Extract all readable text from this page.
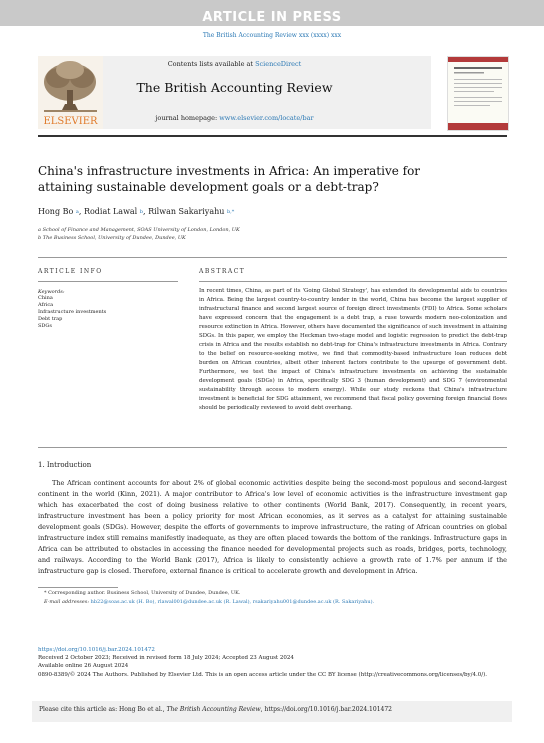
ARTICLE IN PRESS
The British Accounting Review xxx (xxxx) xxx
Contents lists available at ScienceDirect
The British Accounting Review
journal homepage: www.elsevier.com/locate/bar
ELSEVIER
China's infrastructure investments in Africa: An imperative for attaining sustainable development goals or a debt-trap?
Hong Bo $^a$, Rodiat Lawal $^b$, Rilwan Sakariyahu $^{b,*}$
a School of Finance and Management, SOAS University of London, London, UK
b The Business School, University of Dundee, Dundee, UK
ARTICLE INFO
Keywords:
China
Africa
Infrastructure investments
Debt trap
SDGs
ABSTRACT
In recent times, China, as part of its 'Going Global Strategy', has extended its developmental aids to countries in Africa. Being the largest country-to-country lender in the world, China has become the largest supplier of infrastructural finance and second largest source of foreign direct investments (FDI) to Africa. Some scholars have expressed concern that the engagement is a debt trap, a ruse towards modern neo-colonization and resource extinction in Africa. However, others have documented the significance of such investment in attaining SDGs. In this paper, we employ the Heckman two-stage model and logistic regression to predict the debt-trap crisis in Africa and the results establish no debt-trap for China's infrastructure investments in Africa. Contrary to the belief on resource-seeking motive, we find that commodity-based infrastructure loan reduces debt burden on African countries, albeit other inherent factors contribute to the upsurge of government debt. Furthermore, we test the impact of China's infrastructure investments on achieving the sustainable development goals (SDGs) in Africa, specifically SDG 3 (human development) and SDG 7 (environmental sustainability through access to modern energy). While our study reckons that China's infrastructure investment is beneficial for SDG attainment, we recommend that fiscal policy governing foreign financial flows should be periodically reviewed to avoid debt overhang.
1. Introduction
The African continent accounts for about 2% of global economic activities despite being the second-most populous and second-largest continent in the world (Kinn, 2021). A major contributor to Africa's low level of economic activities is the infrastructure investment gap which has exacerbated the cost of doing business relative to other continents (World Bank, 2017). Consequently, in recent years, infrastructure investment has been a policy priority for most African economies, as it serves as a catalyst for attaining sustainable development goals (SDGs). However, despite the efforts of governments to improve infrastructure, the rating of African countries on global infrastructure index still remains manifestly inadequate, as they are often placed towards the bottom of the rankings. Infrastructure gaps in Africa can be attributed to obstacles in accessing the finance needed for developmental projects such as roads, bridges, ports, technology, and railways. According to the World Bank (2017), Africa is likely to consistently achieve a growth rate of 1.7% per annum if the infrastructure gap is closed. Therefore, external finance is critical to accelerate growth and development in Africa.
* Corresponding author. Business School, University of Dundee, Dundee, UK.
E-mail addresses: hb22@soas.ac.uk (H. Bo), rlawal001@dundee.ac.uk (R. Lawal), rsakariyahu001@dundee.ac.uk (R. Sakariyahu).
https://doi.org/10.1016/j.bar.2024.101472
Received 2 October 2023; Received in revised form 18 July 2024; Accepted 23 August 2024
Available online 26 August 2024
0890-8389/© 2024 The Authors. Published by Elsevier Ltd. This is an open access article under the CC BY license (http://creativecommons.org/licenses/by/4.0/).
Please cite this article as: Hong Bo et al., The British Accounting Review, https://doi.org/10.1016/j.bar.2024.101472
